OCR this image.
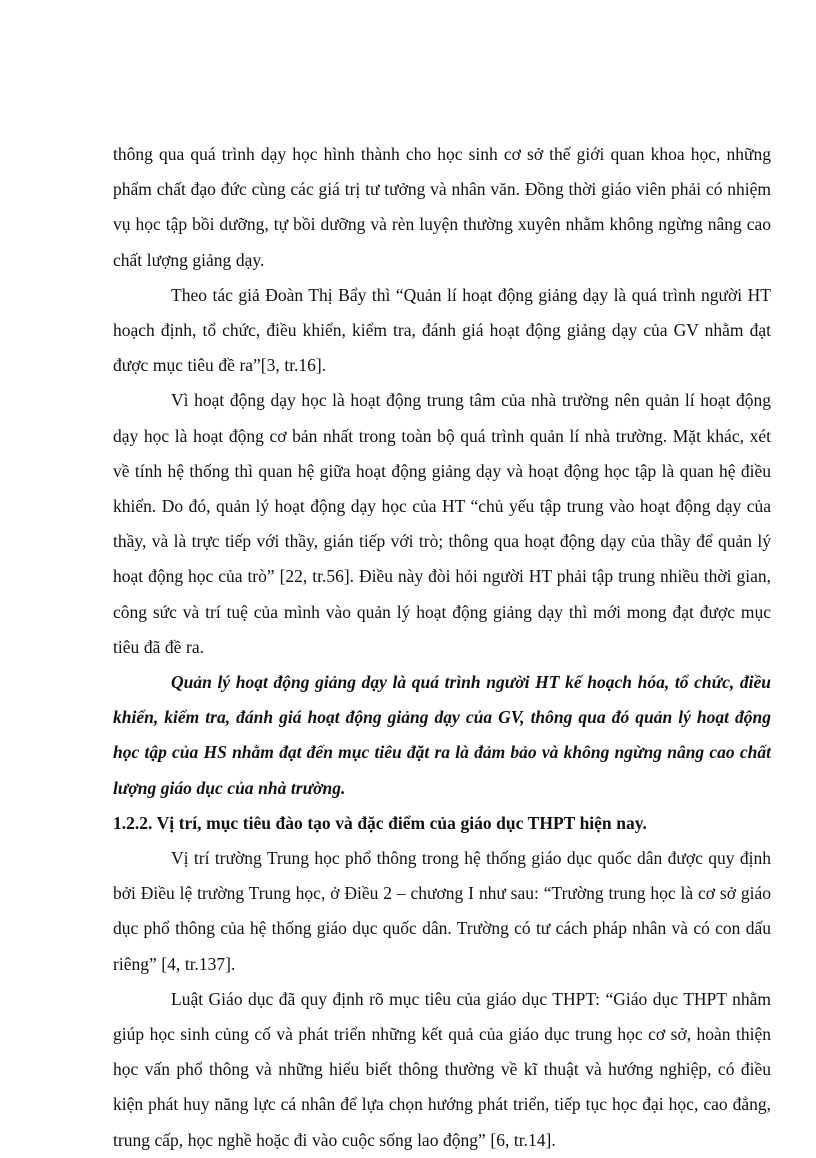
thông qua quá trình dạy học hình thành cho học sinh cơ sở thế giới quan khoa học, những phẩm chất đạo đức cùng các giá trị tư tưởng và nhân văn. Đồng thời giáo viên phải có nhiệm vụ học tập bồi dưỡng, tự bồi dưỡng và rèn luyện thường xuyên nhằm không ngừng nâng cao chất lượng giảng dạy.

Theo tác giả Đoàn Thị Bẩy thì “Quản lí hoạt động giảng dạy là quá trình người HT hoạch định, tổ chức, điều khiển, kiểm tra, đánh giá hoạt động giảng dạy của GV nhằm đạt được mục tiêu đề ra”[3, tr.16].

Vì hoạt động dạy học là hoạt động trung tâm của nhà trường nên quản lí hoạt động dạy học là hoạt động cơ bản nhất trong toàn bộ quá trình quản lí nhà trường. Mặt khác, xét về tính hệ thống thì quan hệ giữa hoạt động giảng dạy và hoạt động học tập là quan hệ điều khiển. Do đó, quản lý hoạt động dạy học của HT “chủ yếu tập trung vào hoạt động dạy của thầy, và là trực tiếp với thầy, gián tiếp với trò; thông qua hoạt động dạy của thầy để quản lý hoạt động học của trò” [22, tr.56]. Điều này đòi hỏi người HT phải tập trung nhiều thời gian, công sức và trí tuệ của mình vào quản lý hoạt động giảng dạy thì mới mong đạt được mục tiêu đã đề ra.

Quản lý hoạt động giảng dạy là quá trình người HT kế hoạch hóa, tổ chức, điều khiển, kiểm tra, đánh giá hoạt động giảng dạy của GV, thông qua đó quản lý hoạt động học tập của HS nhằm đạt đến mục tiêu đặt ra là đảm bảo và không ngừng nâng cao chất lượng giáo dục của nhà trường.

1.2.2. Vị trí, mục tiêu đào tạo và đặc điểm của giáo dục THPT hiện nay.

Vị trí trường Trung học phổ thông trong hệ thống giáo dục quốc dân được quy định bởi Điều lệ trường Trung học, ở Điều 2 – chương I như sau: “Trường trung học là cơ sở giáo dục phổ thông của hệ thống giáo dục quốc dân. Trường có tư cách pháp nhân và có con dấu riêng” [4, tr.137].

Luật Giáo dục đã quy định rõ mục tiêu của giáo dục THPT: “Giáo dục THPT nhằm giúp học sinh củng cố và phát triển những kết quả của giáo dục trung học cơ sở, hoàn thiện học vấn phổ thông và những hiểu biết thông thường về kĩ thuật và hướng nghiệp, có điều kiện phát huy năng lực cá nhân để lựa chọn hướng phát triển, tiếp tục học đại học, cao đẳng, trung cấp, học nghề hoặc đi vào cuộc sống lao động” [6, tr.14].
